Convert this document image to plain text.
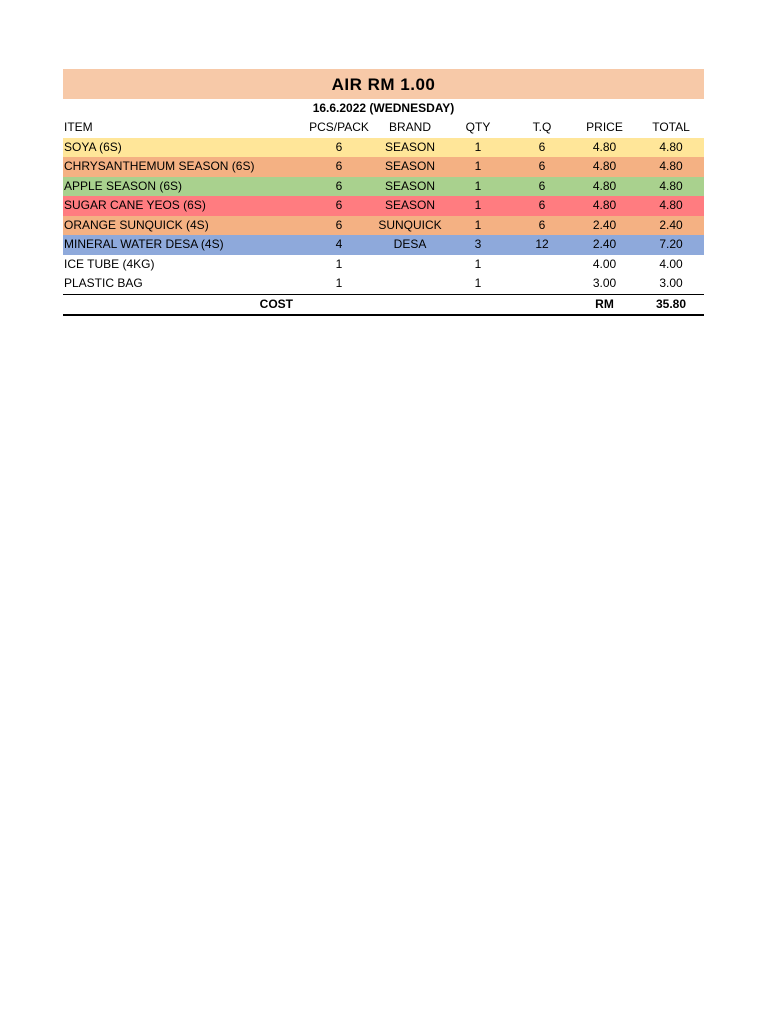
AIR RM 1.00
16.6.2022 (WEDNESDAY)
ITEM	PCS/PACK	BRAND	QTY	T.Q	PRICE	TOTAL
SOYA (6S)	6	SEASON	1	6	4.80	4.80
CHRYSANTHEMUM SEASON (6S)	6	SEASON	1	6	4.80	4.80
APPLE SEASON (6S)	6	SEASON	1	6	4.80	4.80
SUGAR CANE YEOS (6S)	6	SEASON	1	6	4.80	4.80
ORANGE SUNQUICK (4S)	6	SUNQUICK	1	6	2.40	2.40
MINERAL WATER DESA (4S)	4	DESA	3	12	2.40	7.20
ICE TUBE (4KG)	1		1		4.00	4.00
PLASTIC BAG	1		1		3.00	3.00
COST					RM	35.80
